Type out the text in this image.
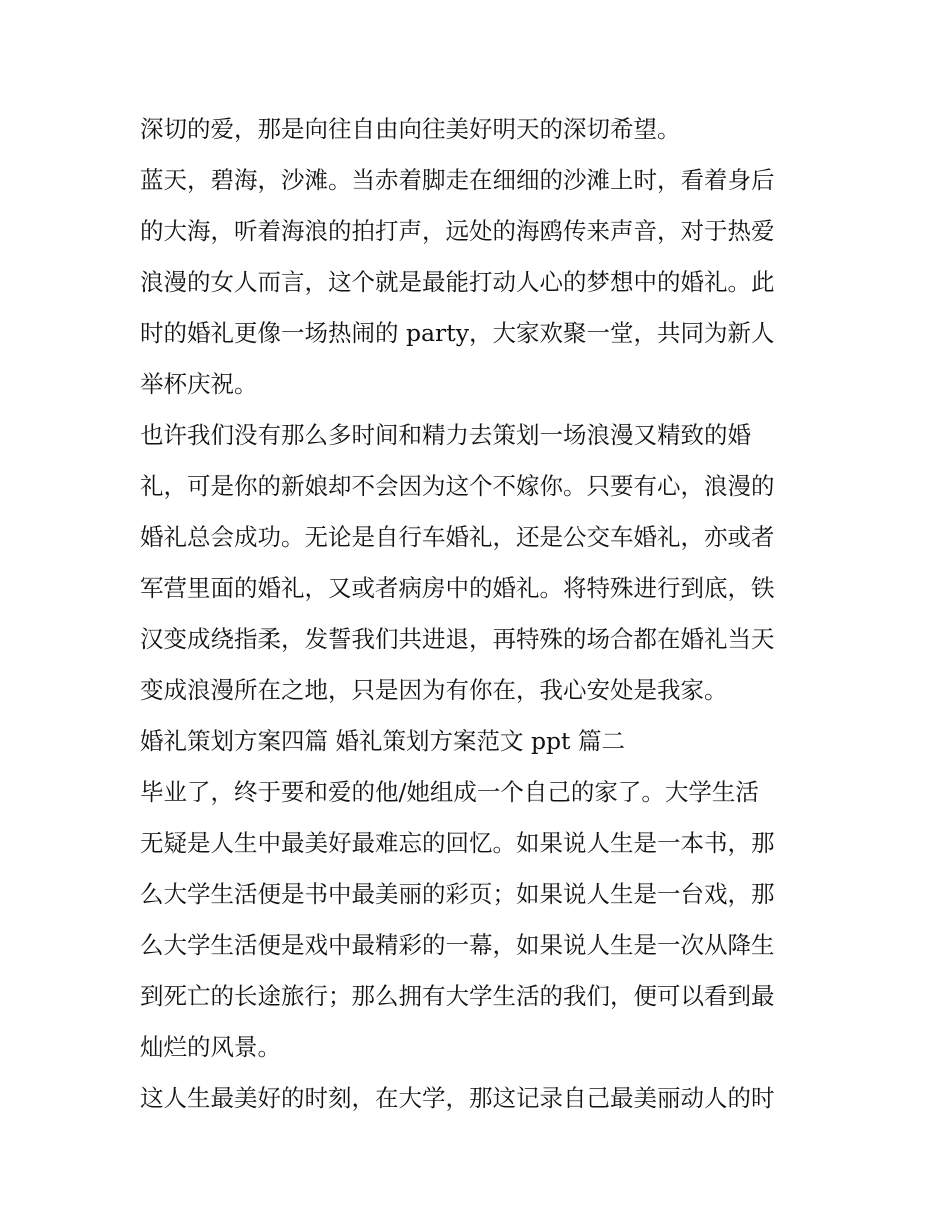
深切的爱，那是向往自由向往美好明天的深切希望。
蓝天，碧海，沙滩。当赤着脚走在细细的沙滩上时，看着身后
的大海，听着海浪的拍打声，远处的海鸥传来声音，对于热爱
浪漫的女人而言，这个就是最能打动人心的梦想中的婚礼。此
时的婚礼更像一场热闹的 party，大家欢聚一堂，共同为新人
举杯庆祝。
也许我们没有那么多时间和精力去策划一场浪漫又精致的婚
礼，可是你的新娘却不会因为这个不嫁你。只要有心，浪漫的
婚礼总会成功。无论是自行车婚礼，还是公交车婚礼，亦或者
军营里面的婚礼，又或者病房中的婚礼。将特殊进行到底，铁
汉变成绕指柔，发誓我们共进退，再特殊的场合都在婚礼当天
变成浪漫所在之地，只是因为有你在，我心安处是我家。
婚礼策划方案四篇 婚礼策划方案范文 ppt 篇二
毕业了，终于要和爱的他/她组成一个自己的家了。大学生活
无疑是人生中最美好最难忘的回忆。如果说人生是一本书，那
么大学生活便是书中最美丽的彩页；如果说人生是一台戏，那
么大学生活便是戏中最精彩的一幕，如果说人生是一次从降生
到死亡的长途旅行；那么拥有大学生活的我们，便可以看到最
灿烂的风景。
这人生最美好的时刻，在大学，那这记录自己最美丽动人的时
